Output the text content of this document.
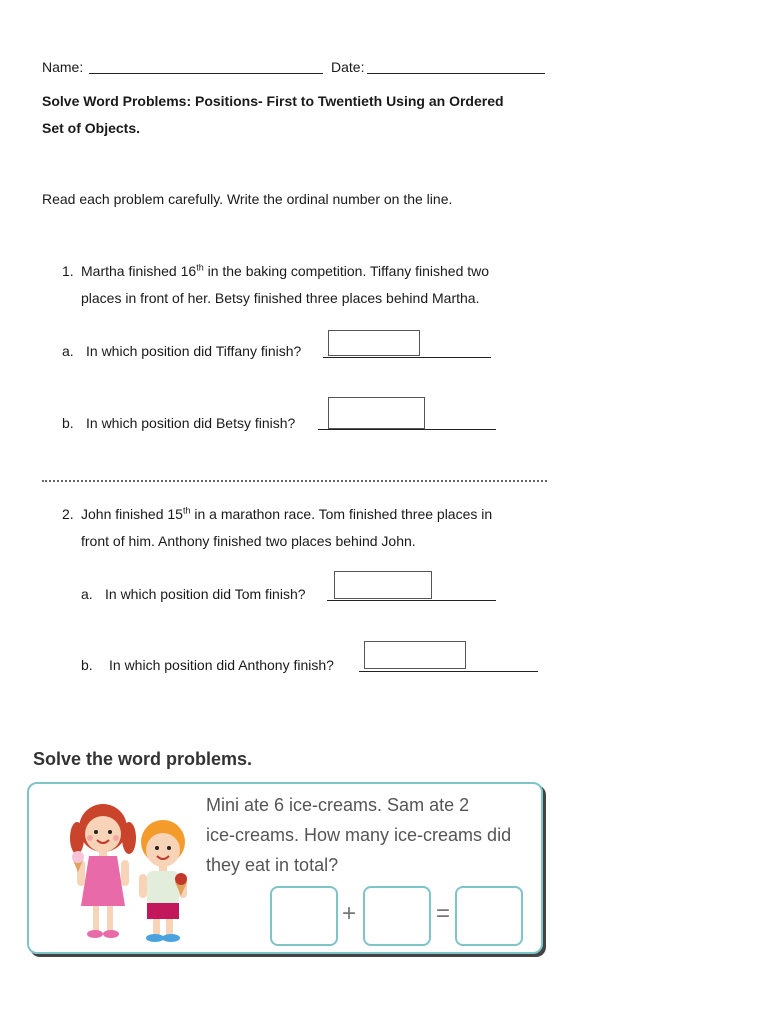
Name:	Date:
Solve Word Problems: Positions- First to Twentieth Using an Ordered
Set of Objects.
Read each problem carefully. Write the ordinal number on the line.
1. Martha finished 16th in the baking competition. Tiffany finished two
places in front of her. Betsy finished three places behind Martha.
a. In which position did Tiffany finish?
b. In which position did Betsy finish?
2. John finished 15th in a marathon race. Tom finished three places in
front of him. Anthony finished two places behind John.
a. In which position did Tom finish?
b. In which position did Anthony finish?
Solve the word problems.
Mini ate 6 ice-creams. Sam ate 2
ice-creams. How many ice-creams did
they eat in total?
+	=
